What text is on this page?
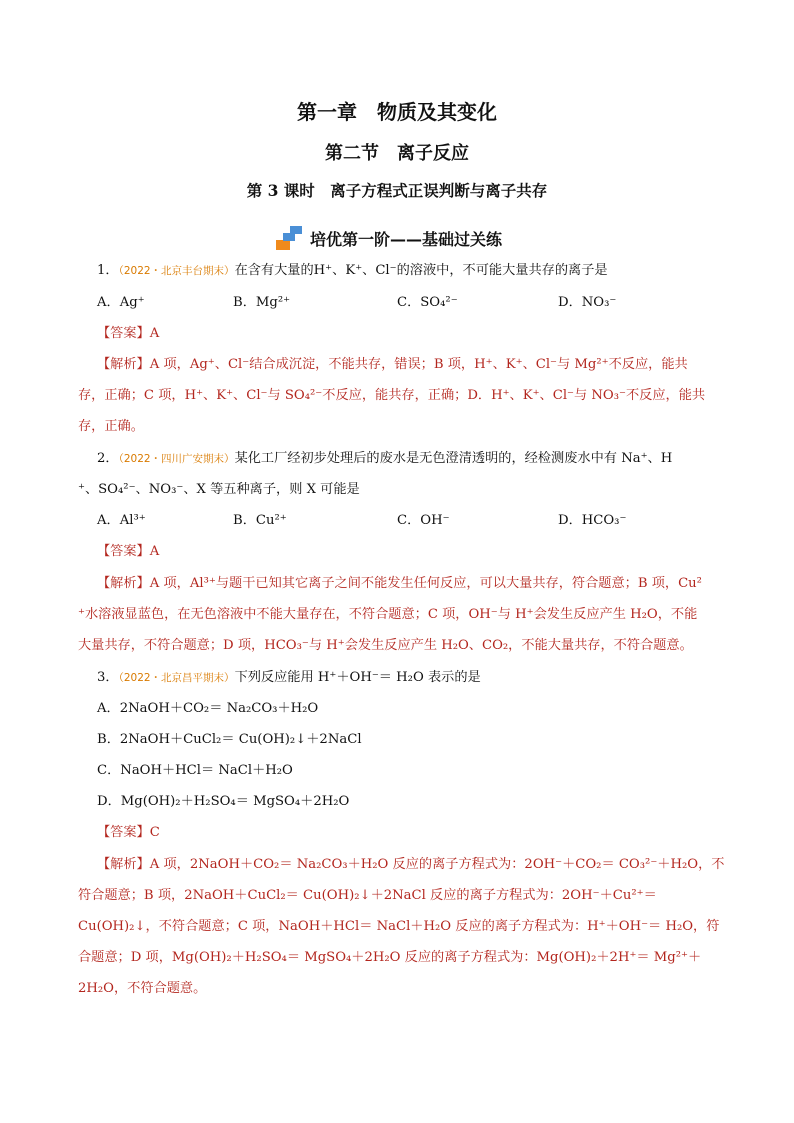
第一章　物质及其变化
第二节　离子反应
第 3 课时　离子方程式正误判断与离子共存
培优第一阶—— 基础过关练
1．（2022・北京丰台期末）在含有大量的H⁺、K⁺、Cl⁻的溶液中，不可能大量共存的离子是
A．Ag⁺	B．Mg²⁺	C．SO₄²⁻	D．NO₃⁻
【答案】A
【解析】A 项，Ag⁺、Cl⁻结合成沉淀，不能共存，错误；B 项，H⁺、K⁺、Cl⁻与 Mg²⁺不反应，能共
存，正确；C 项，H⁺、K⁺、Cl⁻与 SO₄²⁻不反应，能共存，正确；D．H⁺、K⁺、Cl⁻与 NO₃⁻不反应，能共
存，正确。
2．（2022・四川广安期末）某化工厂经初步处理后的废水是无色澄清透明的，经检测废水中有 Na⁺、H
⁺、SO₄²⁻、NO₃⁻、X 等五种离子，则 X 可能是
A．Al³⁺	B．Cu²⁺	C．OH⁻	D．HCO₃⁻
【答案】A
【解析】A 项，Al³⁺与题干已知其它离子之间不能发生任何反应，可以大量共存，符合题意；B 项，Cu²
⁺水溶液显蓝色，在无色溶液中不能大量存在，不符合题意；C 项，OH⁻与 H⁺会发生反应产生 H₂O，不能
大量共存，不符合题意；D 项，HCO₃⁻与 H⁺会发生反应产生 H₂O、CO₂，不能大量共存，不符合题意。
3．（2022・北京昌平期末）下列反应能用 H⁺＋OH⁻＝ H₂O 表示的是
A．2NaOH＋CO₂＝ Na₂CO₃＋H₂O
B．2NaOH＋CuCl₂＝ Cu(OH)₂↓＋2NaCl
C．NaOH＋HCl＝ NaCl＋H₂O
D．Mg(OH)₂＋H₂SO₄＝ MgSO₄＋2H₂O
【答案】C
【解析】A 项，2NaOH＋CO₂＝ Na₂CO₃＋H₂O 反应的离子方程式为：2OH⁻＋CO₂＝ CO₃²⁻＋H₂O，不
符合题意；B 项，2NaOH＋CuCl₂＝ Cu(OH)₂↓＋2NaCl 反应的离子方程式为：2OH⁻＋Cu²⁺＝
Cu(OH)₂↓，不符合题意；C 项，NaOH＋HCl＝ NaCl＋H₂O 反应的离子方程式为：H⁺＋OH⁻＝ H₂O，符
合题意；D 项，Mg(OH)₂＋H₂SO₄＝ MgSO₄＋2H₂O 反应的离子方程式为：Mg(OH)₂＋2H⁺＝ Mg²⁺＋
2H₂O，不符合题意。
